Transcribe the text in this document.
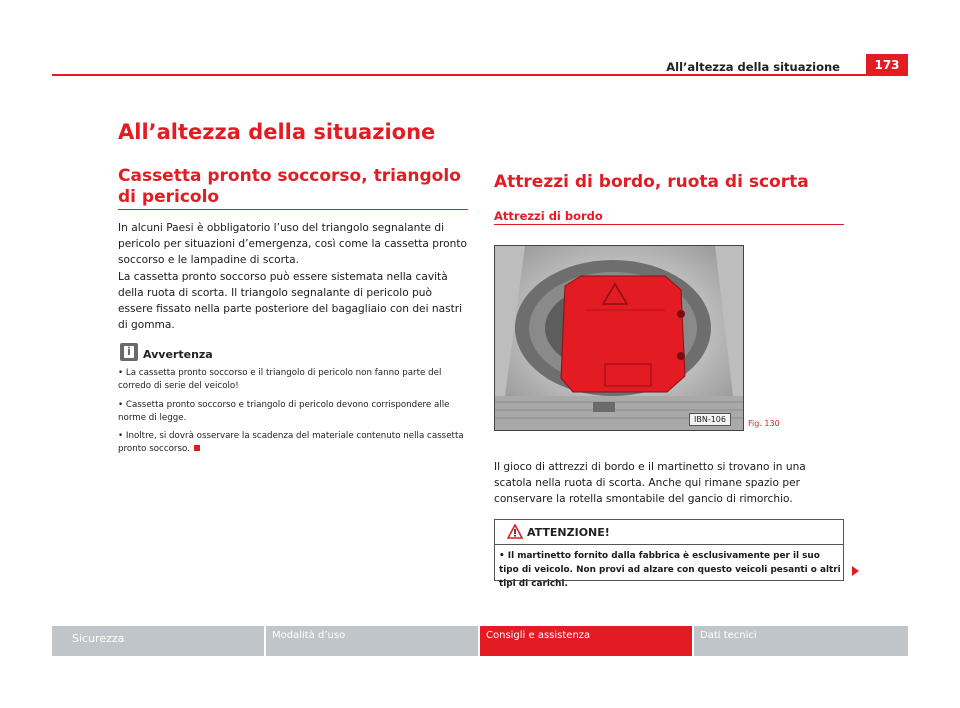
All’altezza della situazione	173
All’altezza della situazione
Cassetta pronto soccorso, triangolo di pericolo
In alcuni Paesi è obbligatorio l’uso del triangolo segnalante di pericolo per situazioni d’emergenza, così come la cassetta pronto soccorso e le lampadine di scorta.
La cassetta pronto soccorso può essere sistemata nella cavità della ruota di scorta. Il triangolo segnalante di pericolo può essere fissato nella parte posteriore del bagagliaio con dei nastri di gomma.
Avvertenza
• La cassetta pronto soccorso e il triangolo di pericolo non fanno parte del corredo di serie del veicolo!
• Cassetta pronto soccorso e triangolo di pericolo devono corrispondere alle norme di legge.
• Inoltre, si dovrà osservare la scadenza del materiale contenuto nella cassetta pronto soccorso.
Attrezzi di bordo, ruota di scorta
Attrezzi di bordo
IBN-106	Fig. 130
Il gioco di attrezzi di bordo e il martinetto si trovano in una scatola nella ruota di scorta. Anche qui rimane spazio per conservare la rotella smontabile del gancio di rimorchio.
ATTENZIONE!
• Il martinetto fornito dalla fabbrica è esclusivamente per il suo tipo di veicolo. Non provi ad alzare con questo veicoli pesanti o altri tipi di carichi.
Sicurezza	Modalità d’uso	Consigli e assistenza	Dati tecnici
